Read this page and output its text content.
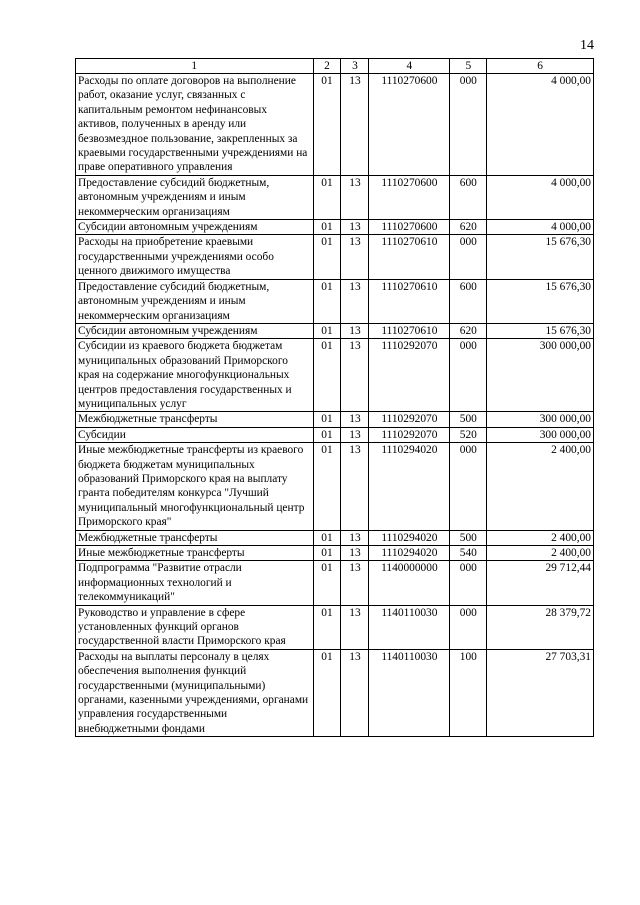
14
1	2	3	4	5	6
Расходы по оплате договоров на выполнение работ, оказание услуг, связанных с капитальным ремонтом нефинансовых активов, полученных в аренду или безвозмездное пользование, закрепленных за краевыми государственными учреждениями на праве оперативного управления	01	13	1110270600	000	4 000,00
Предоставление субсидий бюджетным, автономным учреждениям и иным некоммерческим организациям	01	13	1110270600	600	4 000,00
Субсидии автономным учреждениям	01	13	1110270600	620	4 000,00
Расходы на приобретение краевыми государственными учреждениями особо ценного движимого имущества	01	13	1110270610	000	15 676,30
Предоставление субсидий бюджетным, автономным учреждениям и иным некоммерческим организациям	01	13	1110270610	600	15 676,30
Субсидии автономным учреждениям	01	13	1110270610	620	15 676,30
Субсидии из краевого бюджета бюджетам муниципальных образований Приморского края на содержание многофункциональных центров предоставления государственных и муниципальных услуг	01	13	1110292070	000	300 000,00
Межбюджетные трансферты	01	13	1110292070	500	300 000,00
Субсидии	01	13	1110292070	520	300 000,00
Иные межбюджетные трансферты из краевого бюджета бюджетам муниципальных образований Приморского края на выплату гранта победителям конкурса "Лучший муниципальный многофункциональный центр Приморского края"	01	13	1110294020	000	2 400,00
Межбюджетные трансферты	01	13	1110294020	500	2 400,00
Иные межбюджетные трансферты	01	13	1110294020	540	2 400,00
Подпрограмма "Развитие отрасли информационных технологий и телекоммуникаций"	01	13	1140000000	000	29 712,44
Руководство и управление в сфере установленных функций органов государственной власти Приморского края	01	13	1140110030	000	28 379,72
Расходы на выплаты персоналу в целях обеспечения выполнения функций государственными (муниципальными) органами, казенными учреждениями, органами управления государственными внебюджетными фондами	01	13	1140110030	100	27 703,31
